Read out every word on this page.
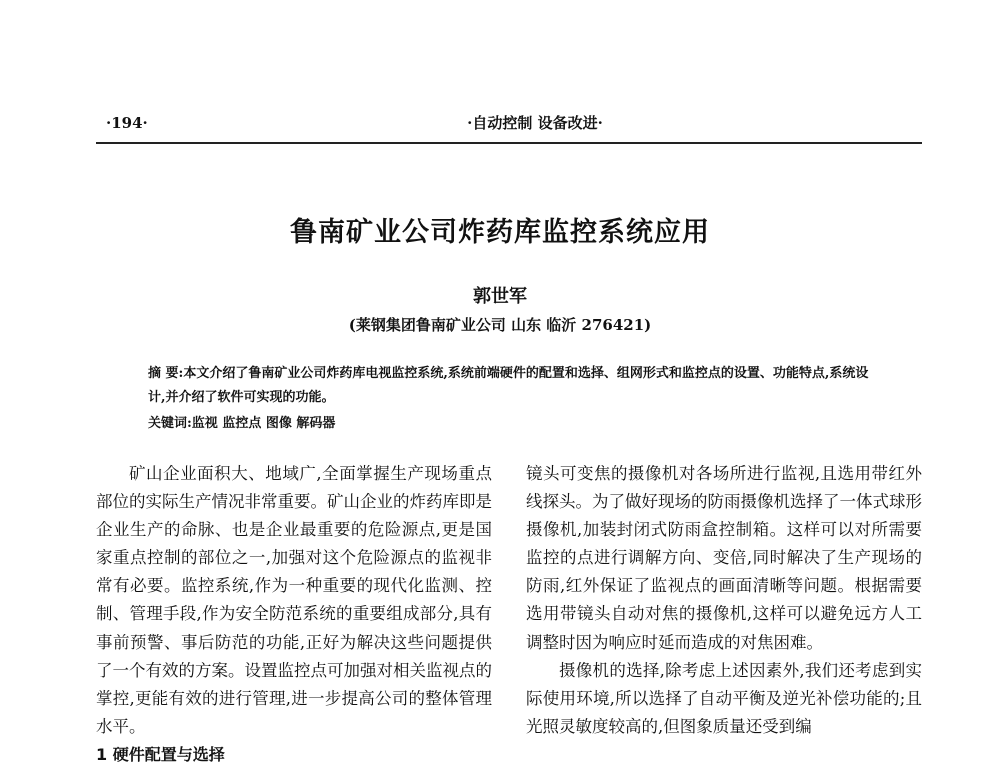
·194·	·自动控制 设备改进·
鲁南矿业公司炸药库监控系统应用
郭世军
(莱钢集团鲁南矿业公司 山东 临沂 276421)
摘 要:本文介绍了鲁南矿业公司炸药库电视监控系统,系统前端硬件的配置和选择、组网形式和监控点的设置、功能特点,系统设计,并介绍了软件可实现的功能。
关键词:监视 监控点 图像 解码器

矿山企业面积大、地域广,全面掌握生产现场重点部位的实际生产情况非常重要。矿山企业的炸药库即是企业生产的命脉、也是企业最重要的危险源点,更是国家重点控制的部位之一,加强对这个危险源点的监视非常有必要。监控系统,作为一种重要的现代化监测、控制、管理手段,作为安全防范系统的重要组成部分,具有事前预警、事后防范的功能,正好为解决这些问题提供了一个有效的方案。设置监控点可加强对相关监视点的掌控,更能有效的进行管理,进一步提高公司的整体管理水平。

1 硬件配置与选择

镜头可变焦的摄像机对各场所进行监视,且选用带红外线探头。为了做好现场的防雨摄像机选择了一体式球形摄像机,加装封闭式防雨盒控制箱。这样可以对所需要监控的点进行调解方向、变倍,同时解决了生产现场的防雨,红外保证了监视点的画面清晰等问题。根据需要选用带镜头自动对焦的摄像机,这样可以避免远方人工调整时因为响应时延而造成的对焦困难。

摄像机的选择,除考虑上述因素外,我们还考虑到实际使用环境,所以选择了自动平衡及逆光补偿功能的;且光照灵敏度较高的,但图象质量还受到编
